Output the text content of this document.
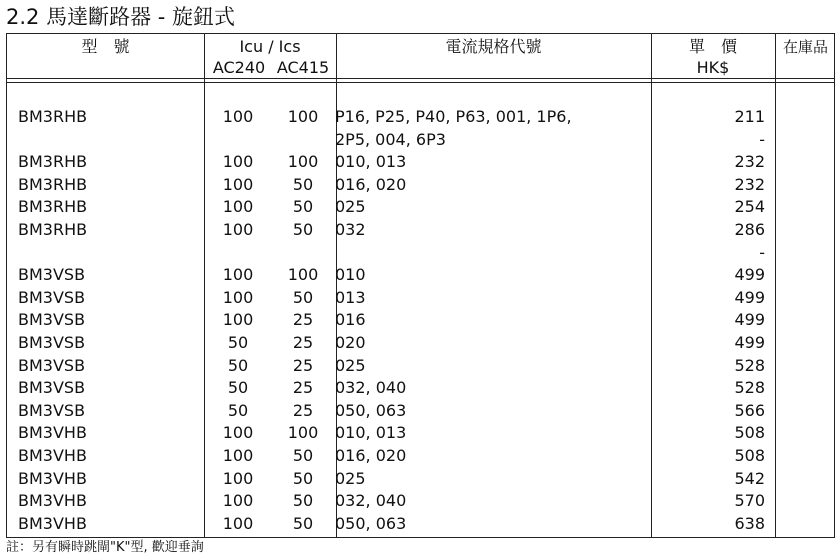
2.2 馬達斷路器 - 旋鈕式
型　號	Icu / Ics
AC240 AC415
電流規格代號	單　價
HK$
在庫品
BM3RHB	100	100	P16, P25, P40, P63, 001, 1P6,	211
2P5, 004, 6P3	-
BM3RHB	100	100	010, 013	232
BM3RHB	100	50	016, 020	232
BM3RHB	100	50	025	254
BM3RHB	100	50	032	286
-
BM3VSB	100	100	010	499
BM3VSB	100	50	013	499
BM3VSB	100	25	016	499
BM3VSB	50	25	020	499
BM3VSB	50	25	025	528
BM3VSB	50	25	032, 040	528
BM3VSB	50	25	050, 063	566
BM3VHB	100	100	010, 013	508
BM3VHB	100	50	016, 020	508
BM3VHB	100	50	025	542
BM3VHB	100	50	032, 040	570
BM3VHB	100	50	050, 063	638
註：另有瞬時跳閘"K"型, 歡迎垂詢
